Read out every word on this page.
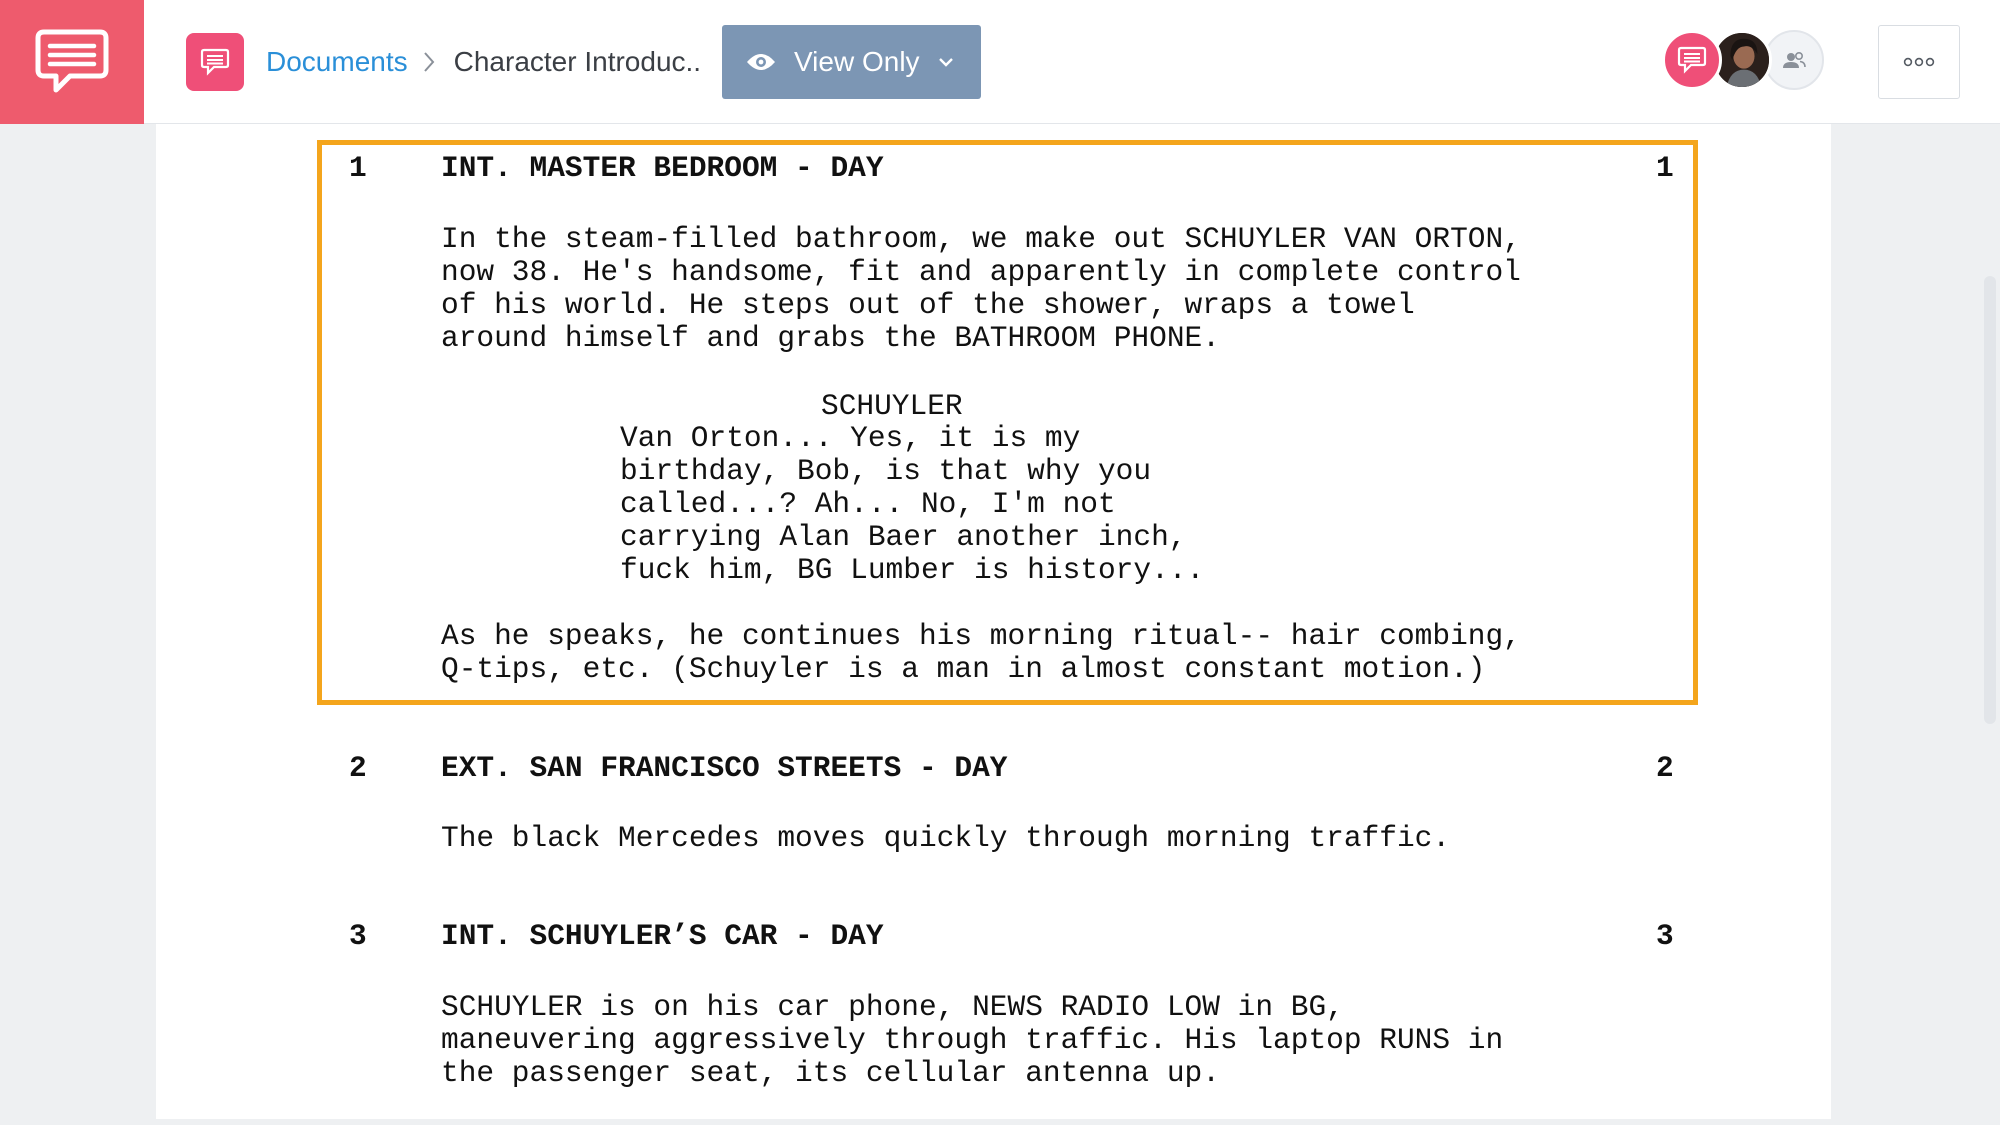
Documents Character Introduc..	View Only
1	INT. MASTER BEDROOM - DAY	1
In the steam-filled bathroom, we make out SCHUYLER VAN ORTON,
now 38. He's handsome, fit and apparently in complete control
of his world. He steps out of the shower, wraps a towel
around himself and grabs the BATHROOM PHONE.
SCHUYLER
Van Orton... Yes, it is my
birthday, Bob, is that why you
called...? Ah... No, I'm not
carrying Alan Baer another inch,
fuck him, BG Lumber is history...
As he speaks, he continues his morning ritual-- hair combing,
Q-tips, etc. (Schuyler is a man in almost constant motion.)
2	EXT. SAN FRANCISCO STREETS - DAY	2
The black Mercedes moves quickly through morning traffic.
3	INT. SCHUYLER’S CAR - DAY	3
SCHUYLER is on his car phone, NEWS RADIO LOW in BG,
maneuvering aggressively through traffic. His laptop RUNS in
the passenger seat, its cellular antenna up.
